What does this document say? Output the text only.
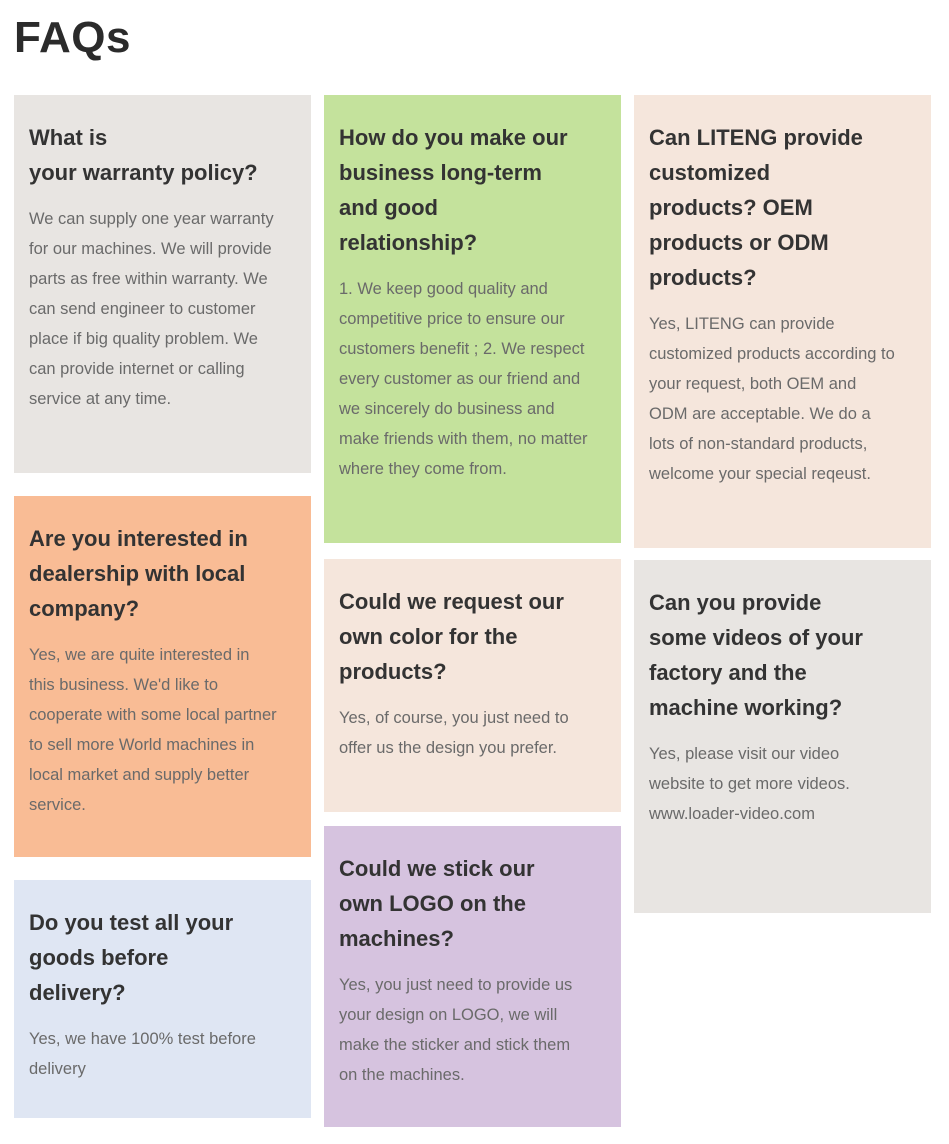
FAQs
What is
your warranty policy?

We can supply one year warranty
for our machines. We will provide
parts as free within warranty. We
can send engineer to customer
place if big quality problem. We
can provide internet or calling
service at any time.

How do you make our
business long-term
and good
relationship?

1. We keep good quality and
competitive price to ensure our
customers benefit ; 2. We respect
every customer as our friend and
we sincerely do business and
make friends with them, no matter
where they come from.

Can LITENG provide
customized
products? OEM
products or ODM
products?

Yes, LITENG can provide
customized products according to
your request, both OEM and
ODM are acceptable. We do a
lots of non-standard products,
welcome your special reqeust.

Are you interested in
dealership with local
company?

Yes, we are quite interested in
this business. We'd like to
cooperate with some local partner
to sell more World machines in
local market and supply better
service.

Could we request our
own color for the
products?

Yes, of course, you just need to
offer us the design you prefer.

Can you provide
some videos of your
factory and the
machine working?

Yes, please visit our video
website to get more videos.
www.loader-video.com

Could we stick our
own LOGO on the
machines?

Yes, you just need to provide us
your design on LOGO, we will
make the sticker and stick them
on the machines.

Do you test all your
goods before
delivery?

Yes, we have 100% test before
delivery
